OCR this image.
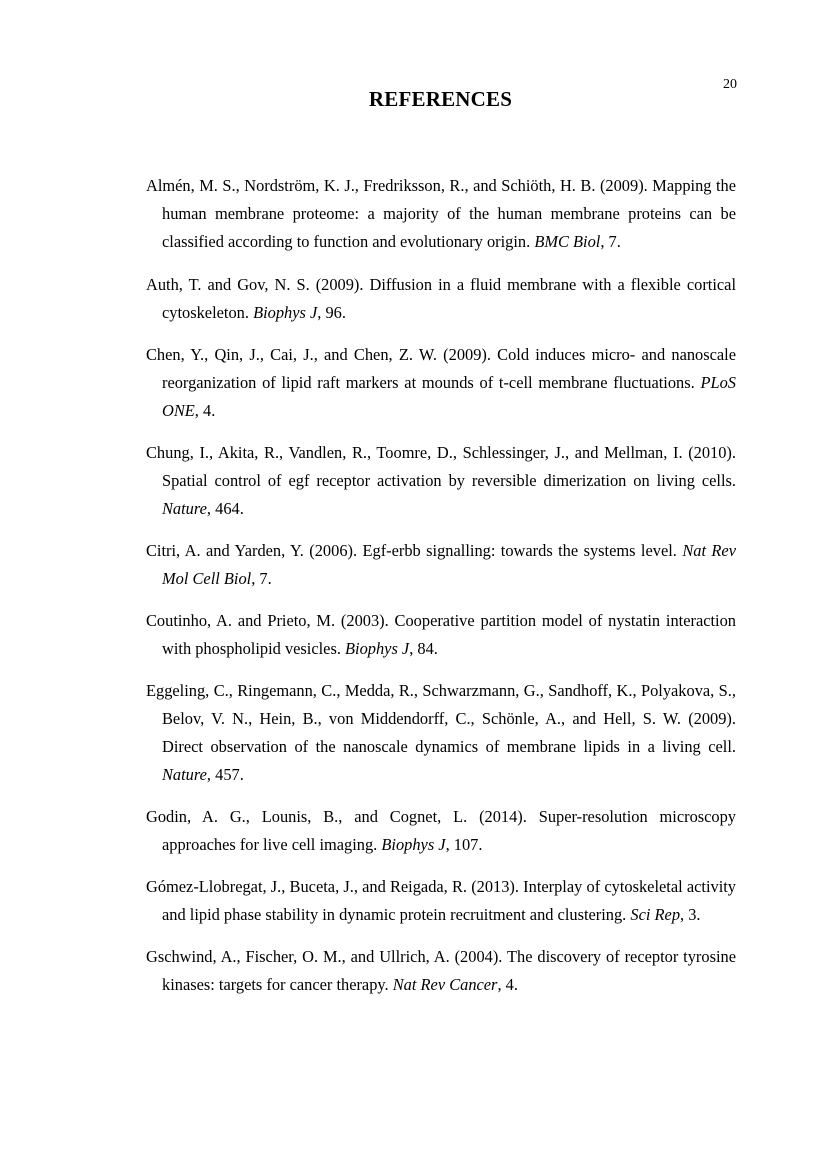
20
REFERENCES
Almén, M. S., Nordström, K. J., Fredriksson, R., and Schiöth, H. B. (2009). Mapping the human membrane proteome: a majority of the human membrane proteins can be classified according to function and evolutionary origin. BMC Biol, 7.
Auth, T. and Gov, N. S. (2009). Diffusion in a fluid membrane with a flexible cortical cytoskeleton. Biophys J, 96.
Chen, Y., Qin, J., Cai, J., and Chen, Z. W. (2009). Cold induces micro- and nanoscale reorganization of lipid raft markers at mounds of t-cell membrane fluctuations. PLoS ONE, 4.
Chung, I., Akita, R., Vandlen, R., Toomre, D., Schlessinger, J., and Mellman, I. (2010). Spatial control of egf receptor activation by reversible dimerization on living cells. Nature, 464.
Citri, A. and Yarden, Y. (2006). Egf-erbb signalling: towards the systems level. Nat Rev Mol Cell Biol, 7.
Coutinho, A. and Prieto, M. (2003). Cooperative partition model of nystatin interaction with phospholipid vesicles. Biophys J, 84.
Eggeling, C., Ringemann, C., Medda, R., Schwarzmann, G., Sandhoff, K., Polyakova, S., Belov, V. N., Hein, B., von Middendorff, C., Schönle, A., and Hell, S. W. (2009). Direct observation of the nanoscale dynamics of membrane lipids in a living cell. Nature, 457.
Godin, A. G., Lounis, B., and Cognet, L. (2014). Super-resolution microscopy approaches for live cell imaging. Biophys J, 107.
Gómez-Llobregat, J., Buceta, J., and Reigada, R. (2013). Interplay of cytoskeletal activity and lipid phase stability in dynamic protein recruitment and clustering. Sci Rep, 3.
Gschwind, A., Fischer, O. M., and Ullrich, A. (2004). The discovery of receptor tyrosine kinases: targets for cancer therapy. Nat Rev Cancer, 4.
